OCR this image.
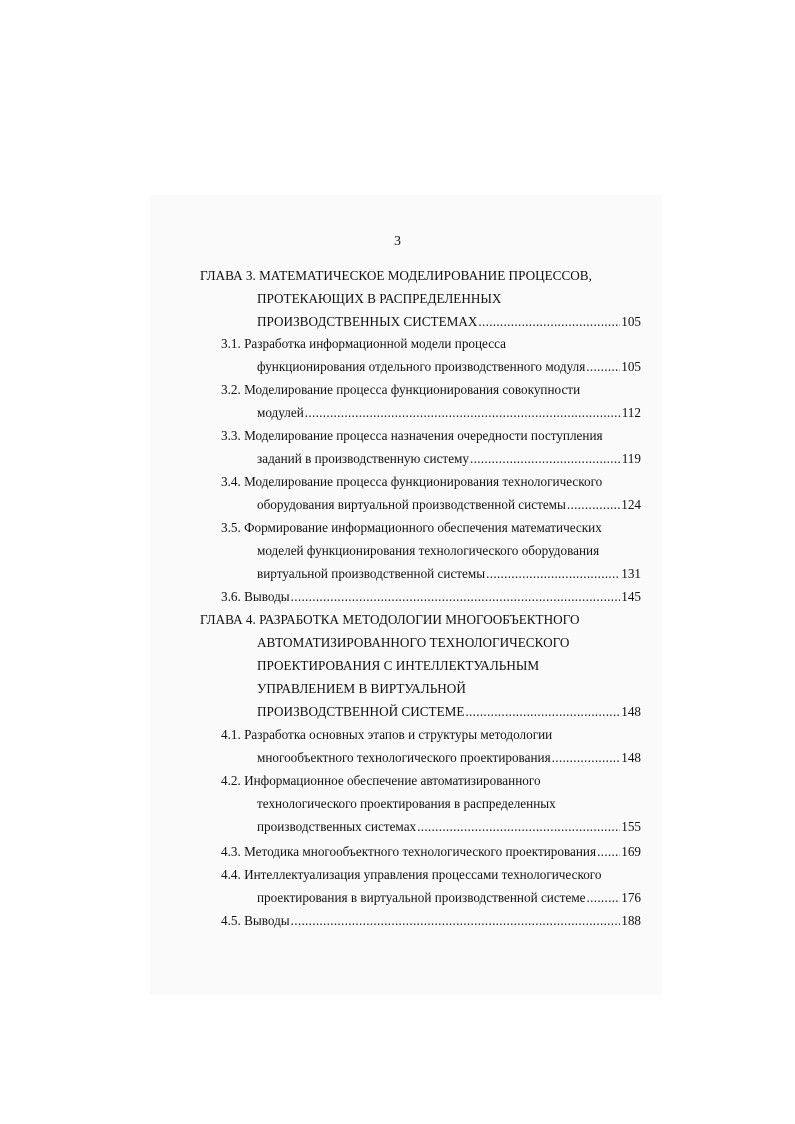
3
ГЛАВА 3. МАТЕМАТИЧЕСКОЕ МОДЕЛИРОВАНИЕ ПРОЦЕССОВ,
ПРОТЕКАЮЩИХ В РАСПРЕДЕЛЕННЫХ
ПРОИЗВОДСТВЕННЫХ СИСТЕМАХ .....	105
3.1. Разработка информационной модели процесса
функционирования отдельного производственного модуля .....	105
3.2. Моделирование процесса функционирования совокупности
модулей .....	112
3.3. Моделирование процесса назначения очередности поступления
заданий в производственную систему .....	119
3.4. Моделирование процесса функционирования технологического
оборудования виртуальной производственной системы .....	124
3.5. Формирование информационного обеспечения математических
моделей функционирования технологического оборудования
виртуальной производственной системы .....	131
3.6. Выводы .....	145
ГЛАВА 4. РАЗРАБОТКА МЕТОДОЛОГИИ МНОГООБЪЕКТНОГО
АВТОМАТИЗИРОВАННОГО ТЕХНОЛОГИЧЕСКОГО
ПРОЕКТИРОВАНИЯ С ИНТЕЛЛЕКТУАЛЬНЫМ
УПРАВЛЕНИЕМ В ВИРТУАЛЬНОЙ
ПРОИЗВОДСТВЕННОЙ СИСТЕМЕ .....	148
4.1. Разработка основных этапов и структуры методологии
многообъектного технологического проектирования .....	148
4.2. Информационное обеспечение автоматизированного
технологического проектирования в распределенных
производственных системах .....	155
4.3. Методика многообъектного технологического проектирования ..... 169
4.4. Интеллектуализация управления процессами технологического
проектирования в виртуальной производственной системе .....	176
4.5. Выводы .....	188
